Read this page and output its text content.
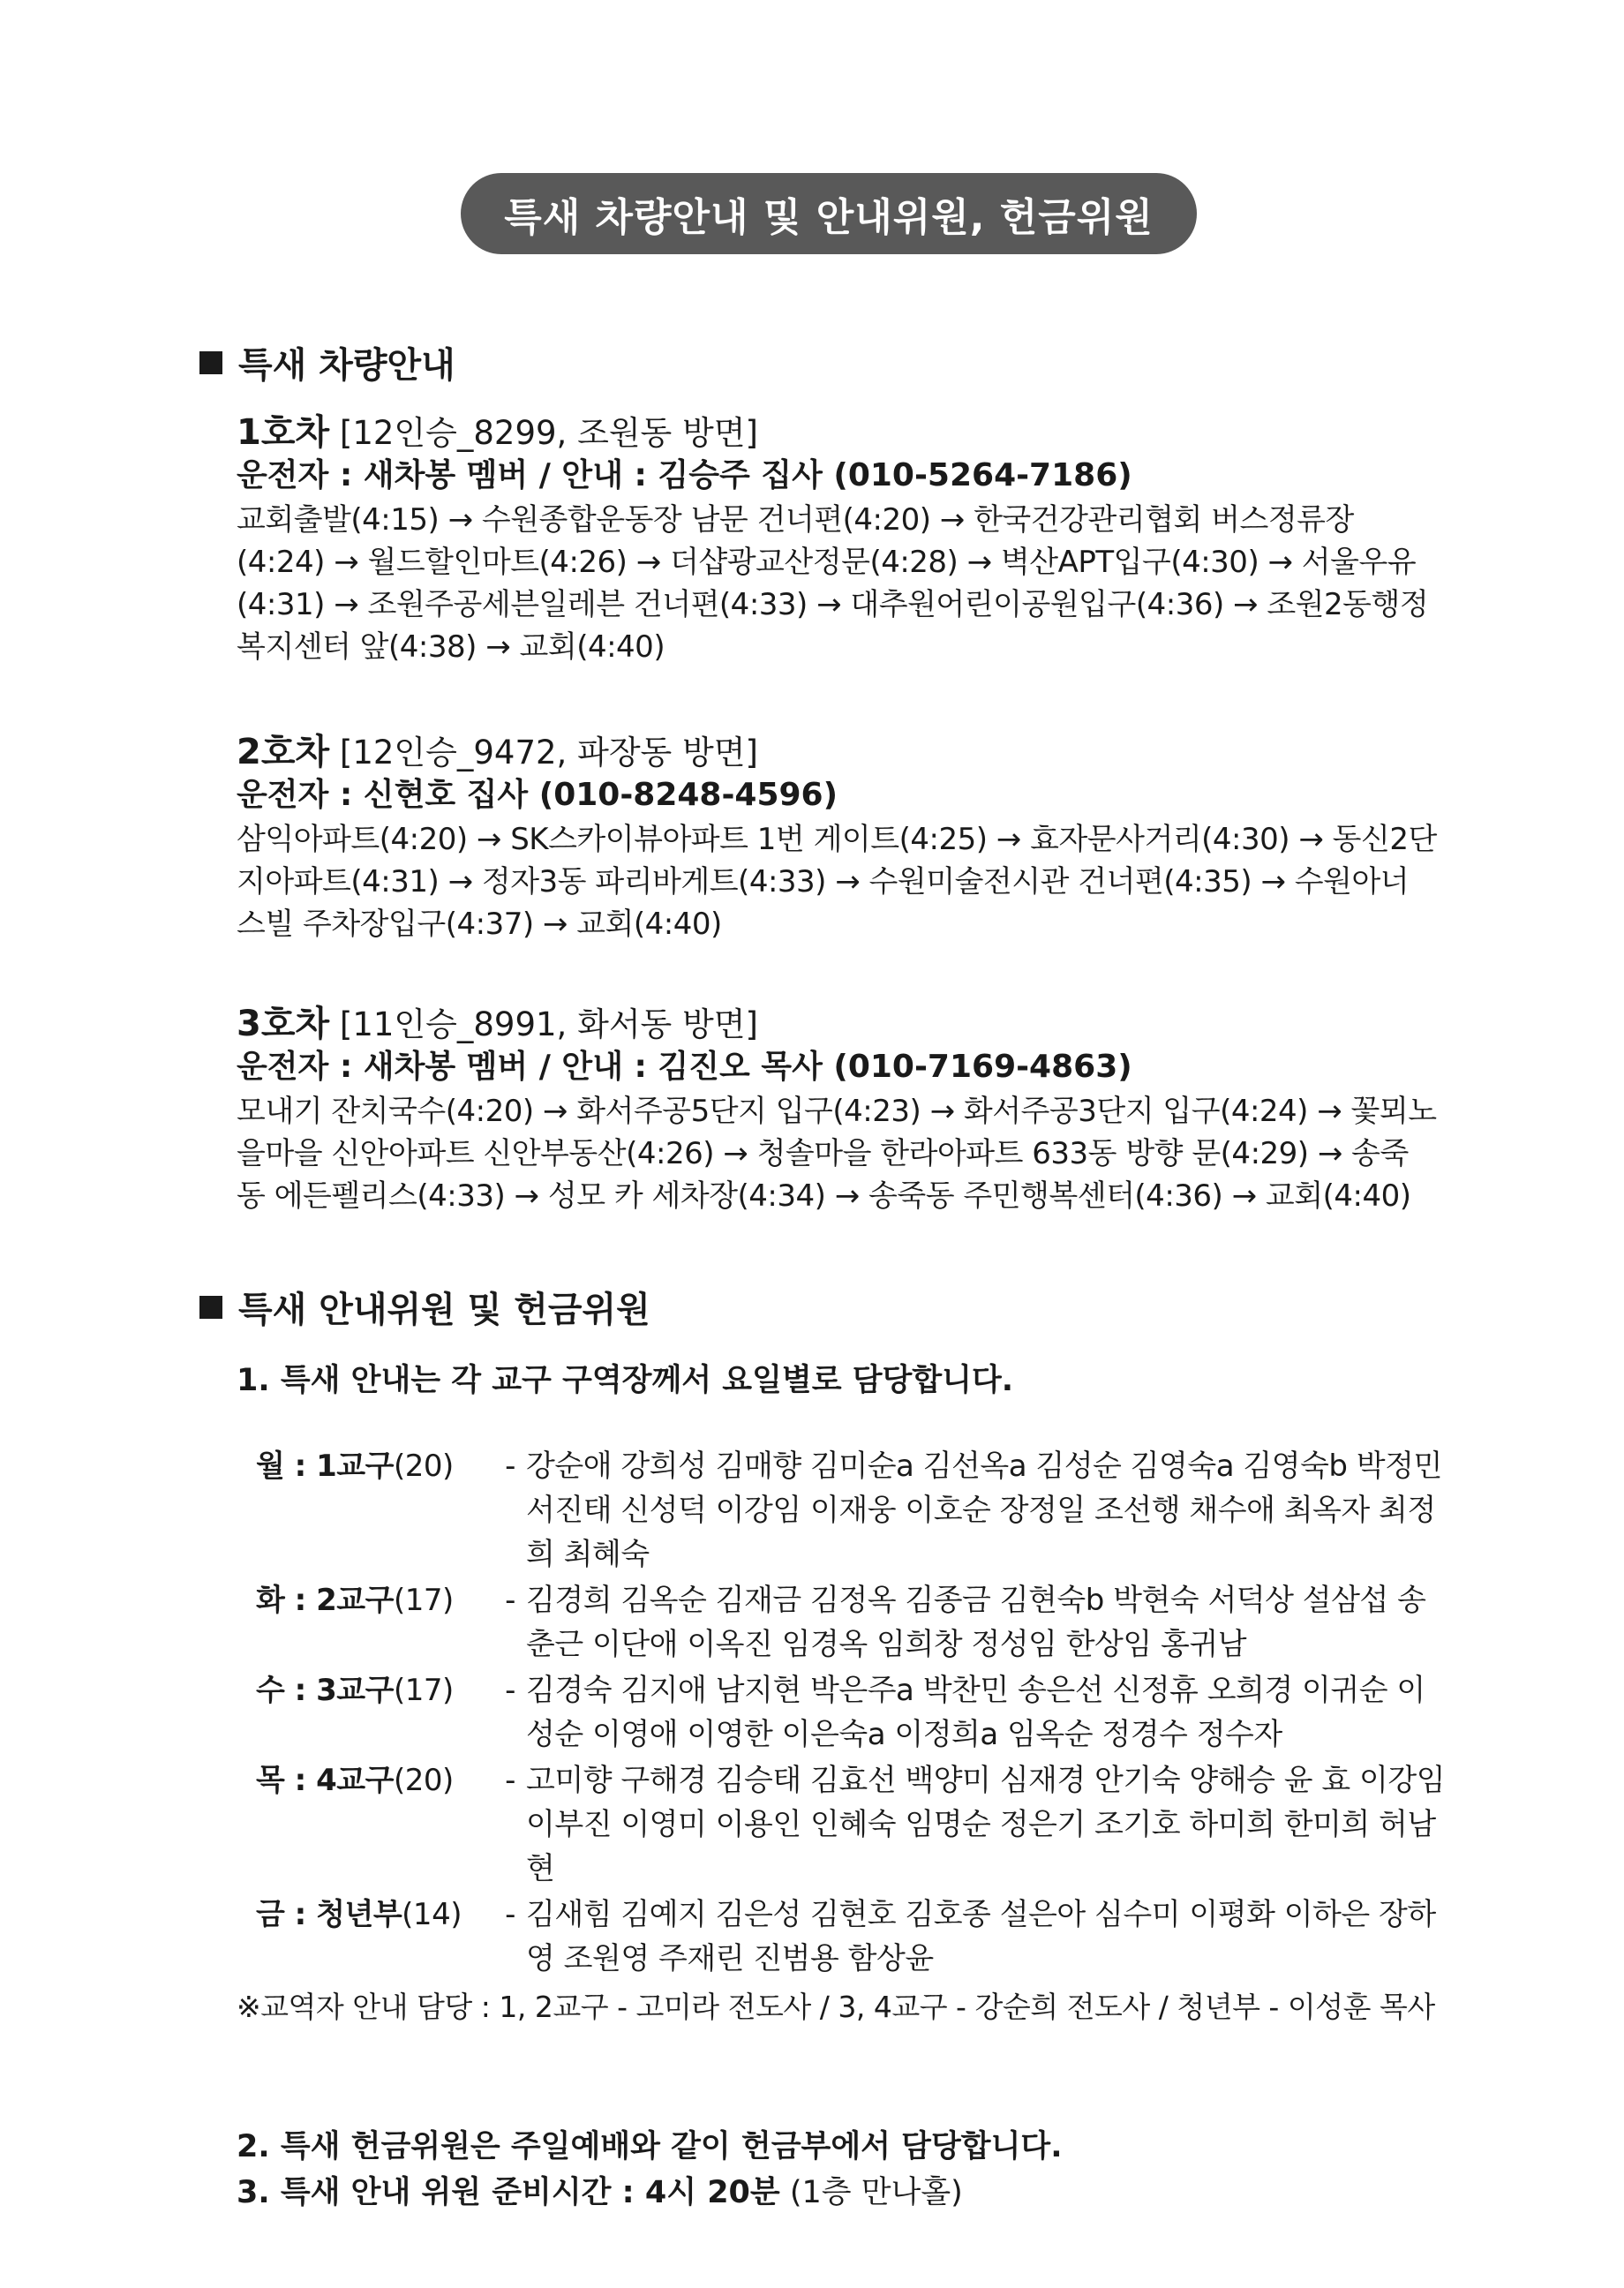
특새 차량안내 및 안내위원, 헌금위원
특새 차량안내
1호차 [12인승_8299, 조원동 방면]
운전자 : 새차봉 멤버 / 안내 : 김승주 집사 (010-5264-7186)
교회출발(4:15) → 수원종합운동장 남문 건너편(4:20) → 한국건강관리협회 버스정류장(4:24) → 월드할인마트(4:26) → 더샵광교산정문(4:28) → 벽산APT입구(4:30) → 서울우유(4:31) → 조원주공세븐일레븐 건너편(4:33) → 대추원어린이공원입구(4:36) → 조원2동행정복지센터 앞(4:38) → 교회(4:40)
2호차 [12인승_9472, 파장동 방면]
운전자 : 신현호 집사 (010-8248-4596)
삼익아파트(4:20) → SK스카이뷰아파트 1번 게이트(4:25) → 효자문사거리(4:30) → 동신2단지아파트(4:31) → 정자3동 파리바게트(4:33) → 수원미술전시관 건너편(4:35) → 수원아너스빌 주차장입구(4:37) → 교회(4:40)
3호차 [11인승_8991, 화서동 방면]
운전자 : 새차봉 멤버 / 안내 : 김진오 목사 (010-7169-4863)
모내기 잔치국수(4:20) → 화서주공5단지 입구(4:23) → 화서주공3단지 입구(4:24) → 꽃뫼노을마을 신안아파트 신안부동산(4:26) → 청솔마을 한라아파트 633동 방향 문(4:29) → 송죽동 에든펠리스(4:33) → 성모 카 세차장(4:34) → 송죽동 주민행복센터(4:36) → 교회(4:40)
특새 안내위원 및 헌금위원
1. 특새 안내는 각 교구 구역장께서 요일별로 담당합니다.
월 : 1교구(20)	- 강순애 강희성 김매향 김미순a 김선옥a 김성순 김영숙a 김영숙b 박정민 서진태 신성덕 이강임 이재웅 이호순 장정일 조선행 채수애 최옥자 최정희 최혜숙
화 : 2교구(17)	- 김경희 김옥순 김재금 김정옥 김종금 김현숙b 박현숙 서덕상 설삼섭 송춘근 이단애 이옥진 임경옥 임희창 정성임 한상임 홍귀남
수 : 3교구(17)	- 김경숙 김지애 남지현 박은주a 박찬민 송은선 신정휴 오희경 이귀순 이성순 이영애 이영한 이은숙a 이정희a 임옥순 정경수 정수자
목 : 4교구(20)	- 고미향 구해경 김승태 김효선 백양미 심재경 안기숙 양해승 윤 효 이강임 이부진 이영미 이용인 인혜숙 임명순 정은기 조기호 하미희 한미희 허남현
금 : 청년부(14)	- 김새힘 김예지 김은성 김현호 김호종 설은아 심수미 이평화 이하은 장하영 조원영 주재린 진범용 함상윤
※교역자 안내 담당 : 1, 2교구 - 고미라 전도사 / 3, 4교구 - 강순희 전도사 / 청년부 - 이성훈 목사
2. 특새 헌금위원은 주일예배와 같이 헌금부에서 담당합니다.
3. 특새 안내 위원 준비시간 : 4시 20분 (1층 만나홀)
